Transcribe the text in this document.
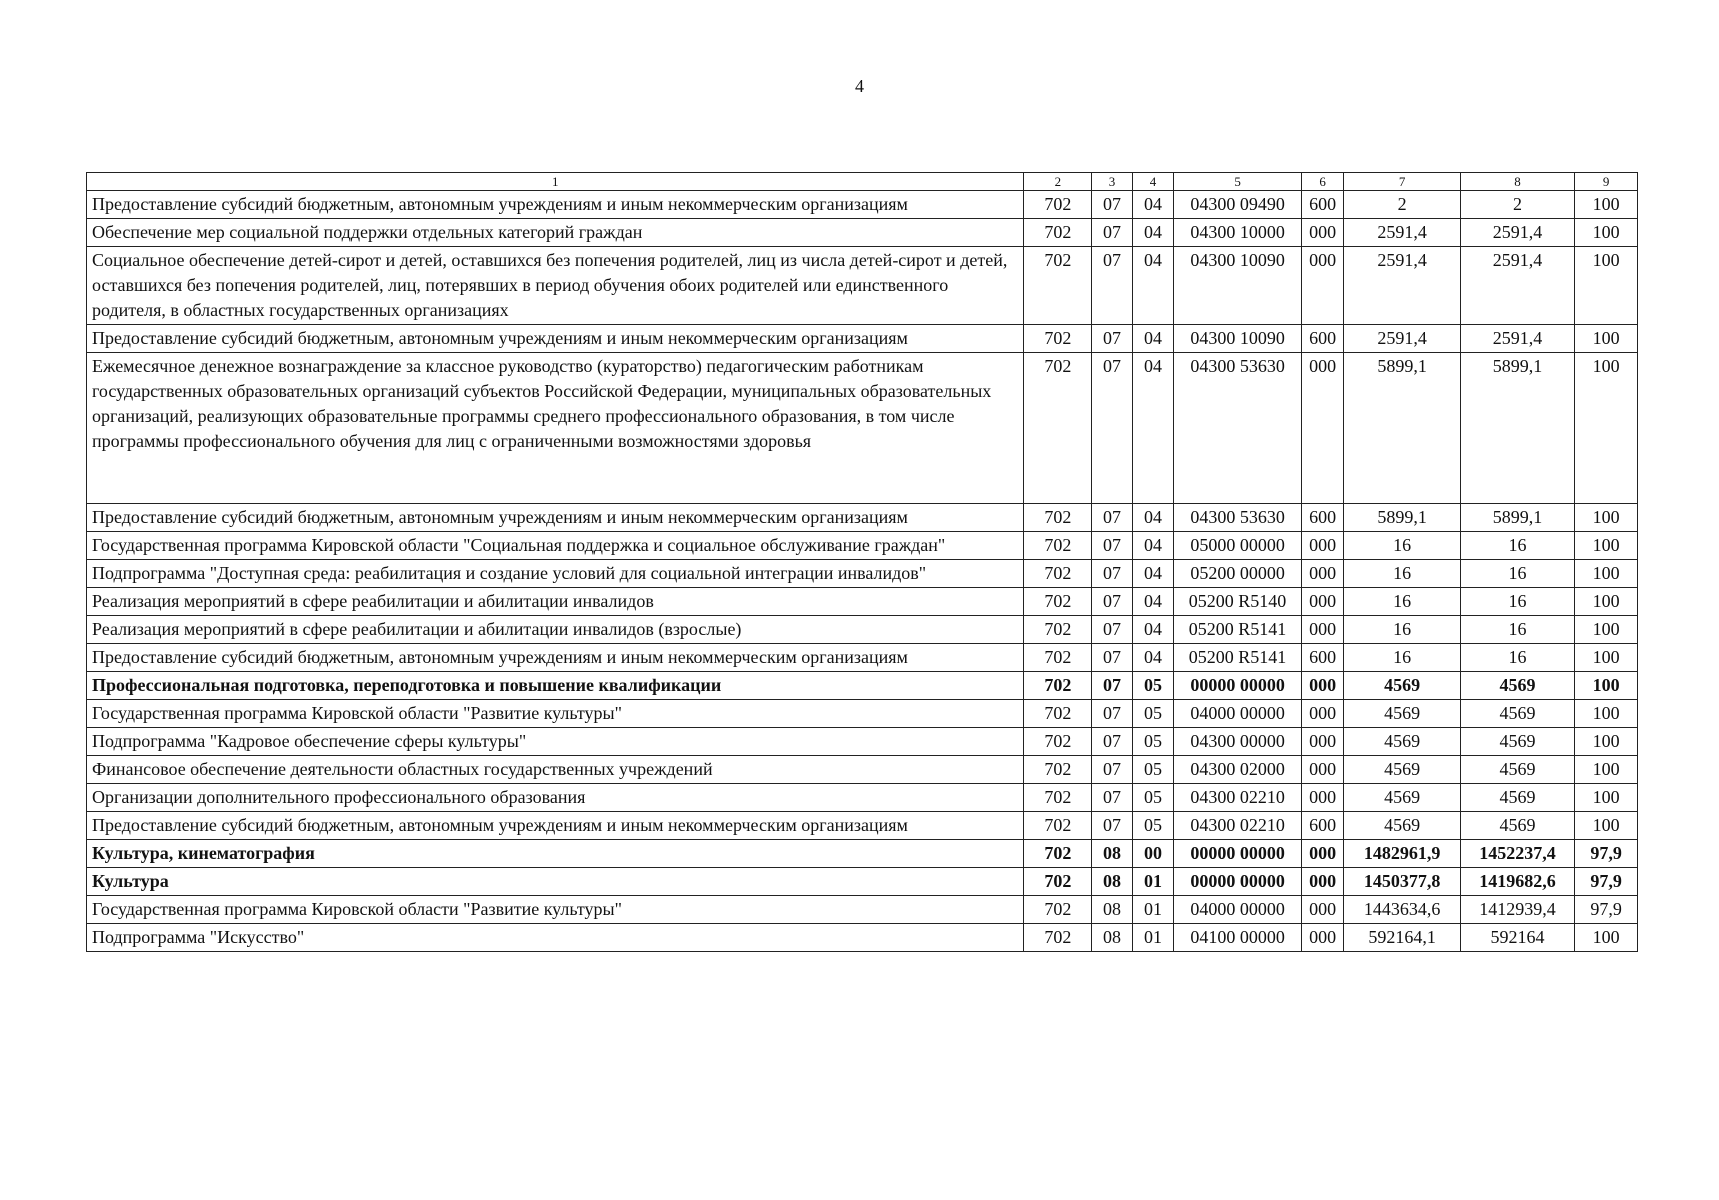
4
1	2	3	4	5	6	7	8	9
Предоставление субсидий бюджетным, автономным учреждениям и иным некоммерческим организациям	702	07	04	04300 09490	600	2	2	100
Обеспечение мер социальной поддержки отдельных категорий граждан	702	07	04	04300 10000	000	2591,4	2591,4	100
Социальное обеспечение детей-сирот и детей, оставшихся без попечения родителей, лиц из числа детей-сирот и детей, оставшихся без попечения родителей, лиц, потерявших в период обучения обоих родителей или единственного родителя, в областных государственных организациях	702	07	04	04300 10090	000	2591,4	2591,4	100
Предоставление субсидий бюджетным, автономным учреждениям и иным некоммерческим организациям	702	07	04	04300 10090	600	2591,4	2591,4	100
Ежемесячное денежное вознаграждение за классное руководство (кураторство) педагогическим работникам государственных образовательных организаций субъектов Российской Федерации, муниципальных образовательных организаций, реализующих образовательные программы среднего профессионального образования, в том числе программы профессионального обучения для лиц с ограниченными возможностями здоровья	702	07	04	04300 53630	000	5899,1	5899,1	100
Предоставление субсидий бюджетным, автономным учреждениям и иным некоммерческим организациям	702	07	04	04300 53630	600	5899,1	5899,1	100
Государственная программа Кировской области "Социальная поддержка и социальное обслуживание граждан"	702	07	04	05000 00000	000	16	16	100
Подпрограмма "Доступная среда: реабилитация и создание условий для социальной интеграции инвалидов"	702	07	04	05200 00000	000	16	16	100
Реализация мероприятий в сфере реабилитации и абилитации инвалидов	702	07	04	05200 R5140	000	16	16	100
Реализация мероприятий в сфере реабилитации и абилитации инвалидов (взрослые)	702	07	04	05200 R5141	000	16	16	100
Предоставление субсидий бюджетным, автономным учреждениям и иным некоммерческим организациям	702	07	04	05200 R5141	600	16	16	100
Профессиональная подготовка, переподготовка и повышение квалификации	702	07	05	00000 00000	000	4569	4569	100
Государственная программа Кировской области "Развитие культуры"	702	07	05	04000 00000	000	4569	4569	100
Подпрограмма "Кадровое обеспечение сферы культуры"	702	07	05	04300 00000	000	4569	4569	100
Финансовое обеспечение деятельности областных государственных учреждений	702	07	05	04300 02000	000	4569	4569	100
Организации дополнительного профессионального образования	702	07	05	04300 02210	000	4569	4569	100
Предоставление субсидий бюджетным, автономным учреждениям и иным некоммерческим организациям	702	07	05	04300 02210	600	4569	4569	100
Культура, кинематография	702	08	00	00000 00000	000	1482961,9	1452237,4	97,9
Культура	702	08	01	00000 00000	000	1450377,8	1419682,6	97,9
Государственная программа Кировской области "Развитие культуры"	702	08	01	04000 00000	000	1443634,6	1412939,4	97,9
Подпрограмма "Искусство"	702	08	01	04100 00000	000	592164,1	592164	100
